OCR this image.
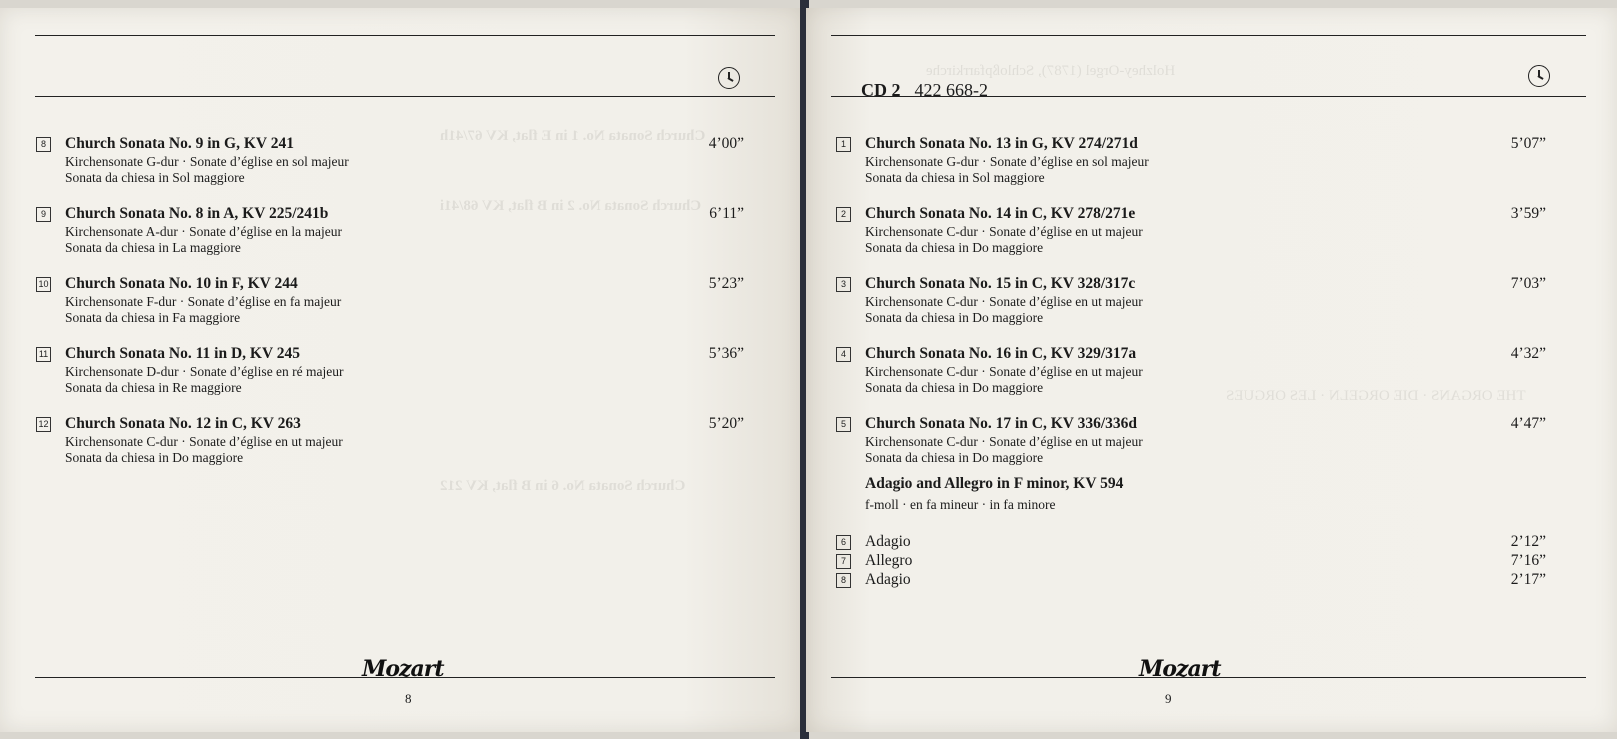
Church Sonata No. 1 in E flat, KV 67/41h
Church Sonata No. 2 in B flat, KV 68/41i
Church Sonata No. 6 in B flat, KV 212
8	Church Sonata No. 9 in G, KV 241	4’00”
Kirchensonate G-dur · Sonate d’église en sol majeur
Sonata da chiesa in Sol maggiore
9	Church Sonata No. 8 in A, KV 225/241b	6’11”
Kirchensonate A-dur · Sonate d’église en la majeur
Sonata da chiesa in La maggiore
10 Church Sonata No. 10 in F, KV 244	5’23”
Kirchensonate F-dur · Sonate d’église en fa majeur
Sonata da chiesa in Fa maggiore
11 Church Sonata No. 11 in D, KV 245	5’36”
Kirchensonate D-dur · Sonate d’église en ré majeur
Sonata da chiesa in Re maggiore
12 Church Sonata No. 12 in C, KV 263	5’20”
Kirchensonate C-dur · Sonate d’église en ut majeur
Sonata da chiesa in Do maggiore
Mozart
8
Holzhey-Orgel (1787), Schloßpfarrkirche
THE ORGANS · DIE ORGELN · LES ORGUES
CD 2 422 668-2
1	Church Sonata No. 13 in G, KV 274/271d	5’07”
Kirchensonate G-dur · Sonate d’église en sol majeur
Sonata da chiesa in Sol maggiore
2	Church Sonata No. 14 in C, KV 278/271e	3’59”
Kirchensonate C-dur · Sonate d’église en ut majeur
Sonata da chiesa in Do maggiore
3	Church Sonata No. 15 in C, KV 328/317c	7’03”
Kirchensonate C-dur · Sonate d’église en ut majeur
Sonata da chiesa in Do maggiore
4	Church Sonata No. 16 in C, KV 329/317a	4’32”
Kirchensonate C-dur · Sonate d’église en ut majeur
Sonata da chiesa in Do maggiore
5	Church Sonata No. 17 in C, KV 336/336d	4’47”
Kirchensonate C-dur · Sonate d’église en ut majeur
Sonata da chiesa in Do maggiore
Adagio and Allegro in F minor, KV 594
f-moll · en fa mineur · in fa minore
6	Adagio	2’12”
7	Allegro	7’16”
8	Adagio	2’17”
Mozart
9
